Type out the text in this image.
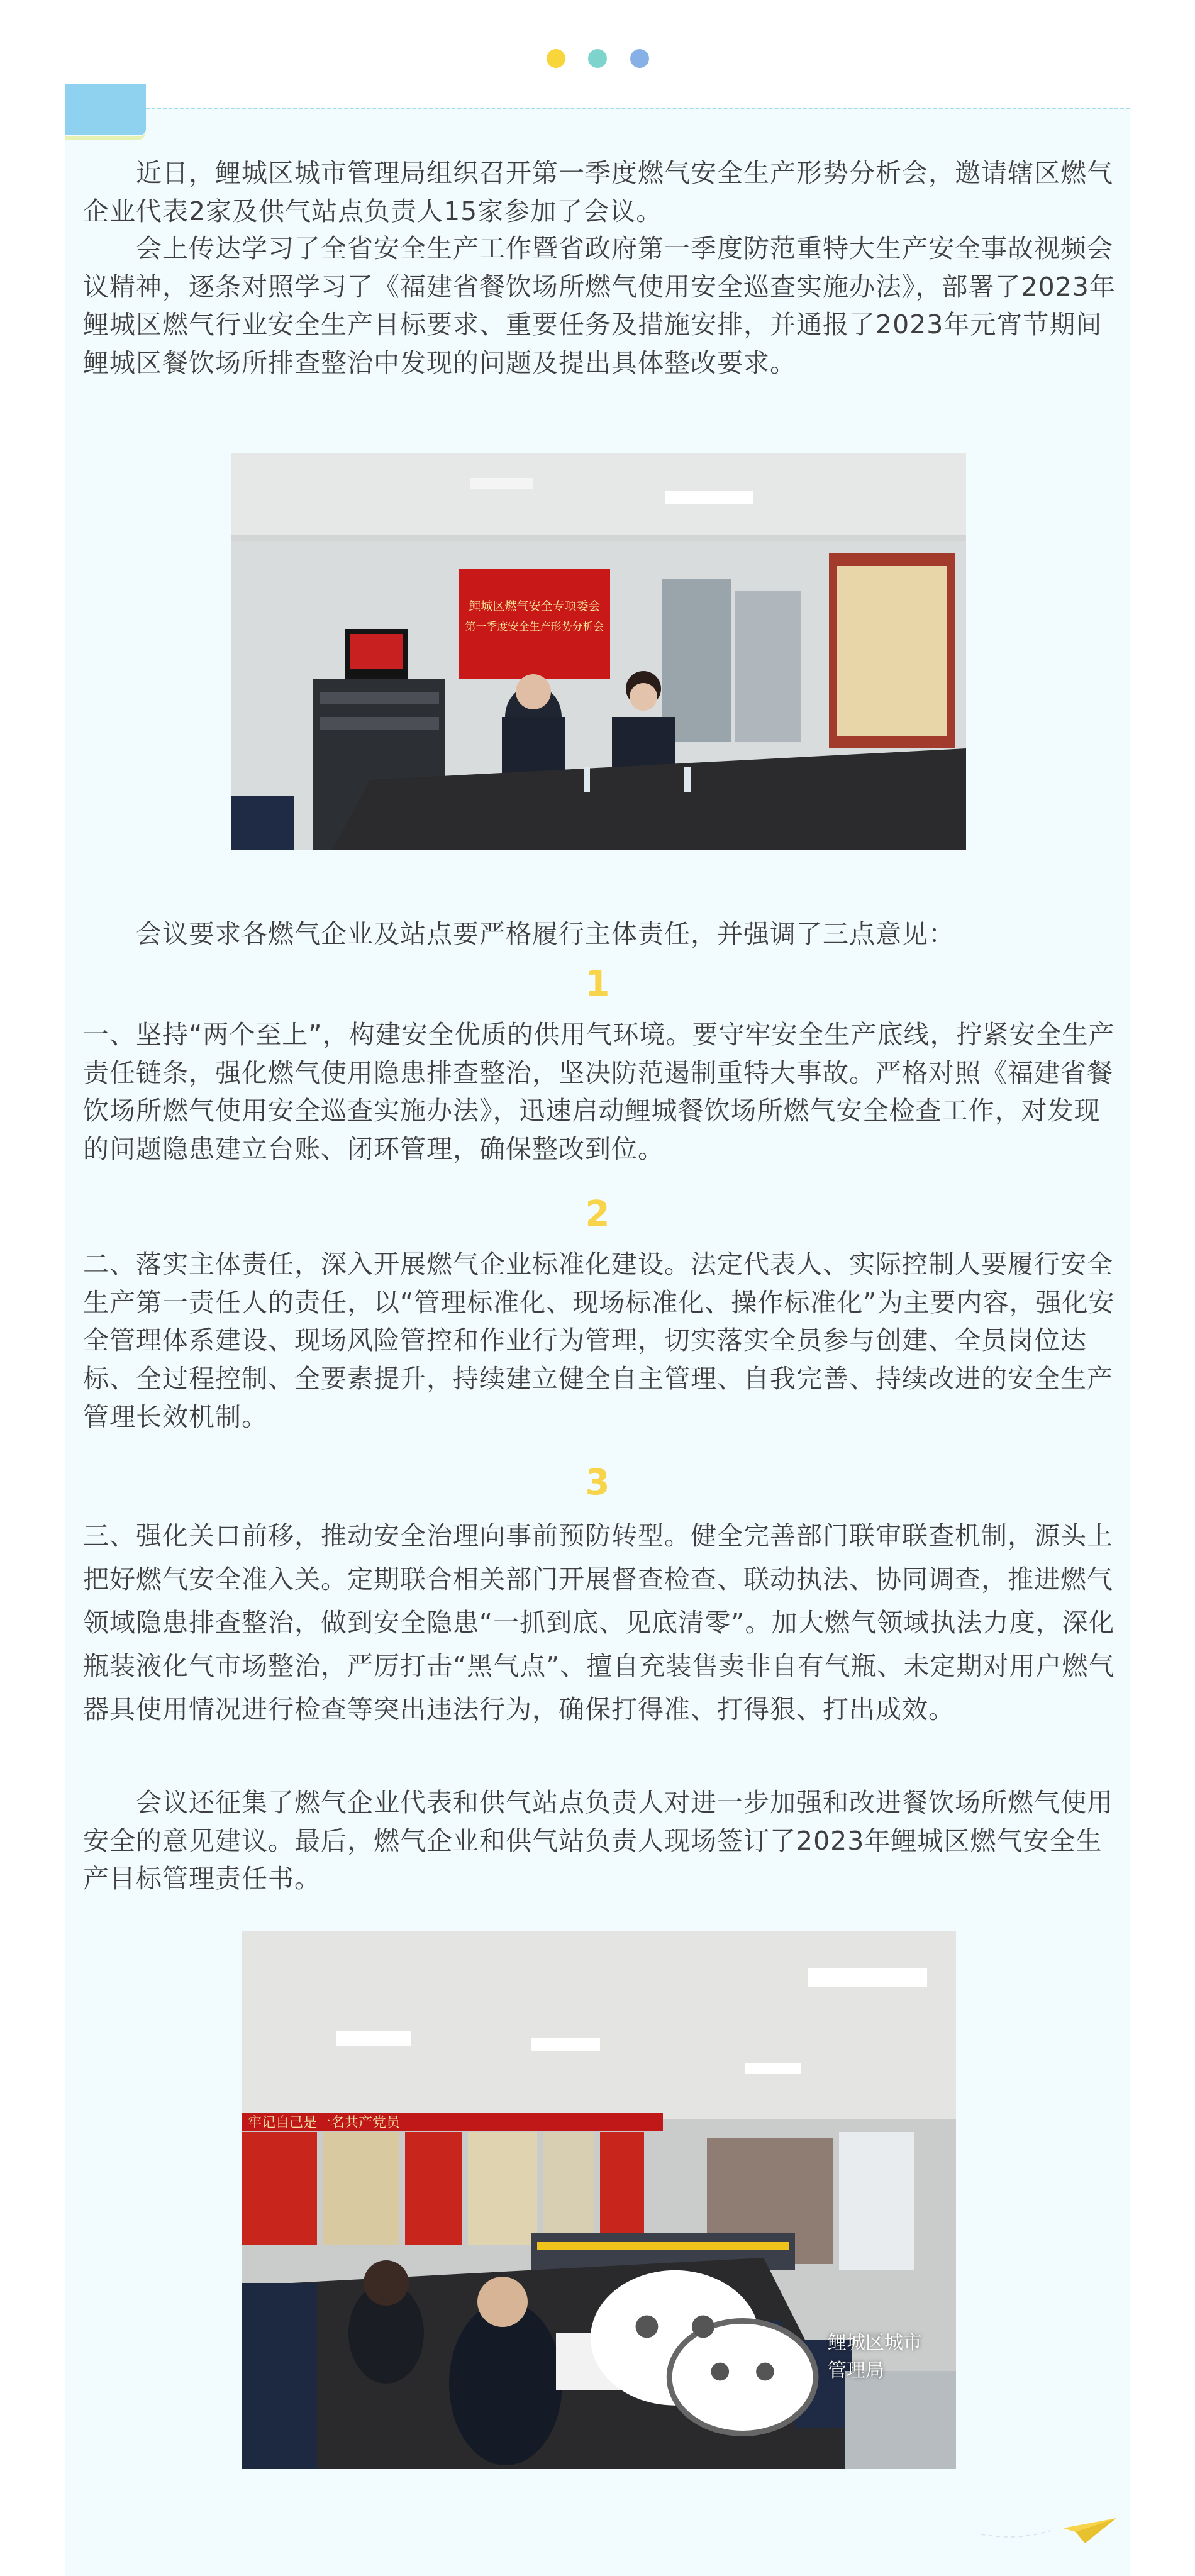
　　近日，鲤城区城市管理局组织召开第一季度燃气安全生产形势分析会，邀请辖区燃气企业代表2家及供气站点负责人15家参加了会议。

　　会上传达学习了全省安全生产工作暨省政府第一季度防范重特大生产安全事故视频会议精神，逐条对照学习了《福建省餐饮场所燃气使用安全巡查实施办法》，部署了2023年鲤城区燃气行业安全生产目标要求、重要任务及措施安排，并通报了2023年元宵节期间鲤城区餐饮场所排查整治中发现的问题及提出具体整改要求。

鲤城区燃气安全专项委会
第一季度安全生产形势分析会

　　会议要求各燃气企业及站点要严格履行主体责任，并强调了三点意见：

1

一、坚持“两个至上”，构建安全优质的供用气环境。要守牢安全生产底线，拧紧安全生产责任链条，强化燃气使用隐患排查整治，坚决防范遏制重特大事故。严格对照《福建省餐饮场所燃气使用安全巡查实施办法》，迅速启动鲤城餐饮场所燃气安全检查工作，对发现的问题隐患建立台账、闭环管理，确保整改到位。

2

二、落实主体责任，深入开展燃气企业标准化建设。法定代表人、实际控制人要履行安全生产第一责任人的责任，以“管理标准化、现场标准化、操作标准化”为主要内容，强化安全管理体系建设、现场风险管控和作业行为管理，切实落实全员参与创建、全员岗位达标、全过程控制、全要素提升，持续建立健全自主管理、自我完善、持续改进的安全生产管理长效机制。

3

三、强化关口前移，推动安全治理向事前预防转型。健全完善部门联审联查机制，源头上把好燃气安全准入关。定期联合相关部门开展督查检查、联动执法、协同调查，推进燃气领域隐患排查整治，做到安全隐患“一抓到底、见底清零”。加大燃气领域执法力度，深化瓶装液化气市场整治，严厉打击“黑气点”、擅自充装售卖非自有气瓶、未定期对用户燃气器具使用情况进行检查等突出违法行为，确保打得准、打得狠、打出成效。

　　会议还征集了燃气企业代表和供气站点负责人对进一步加强和改进餐饮场所燃气使用安全的意见建议。最后，燃气企业和供气站负责人现场签订了2023年鲤城区燃气安全生产目标管理责任书。

牢记自己是一名共产党员
鲤城区城市管理局
